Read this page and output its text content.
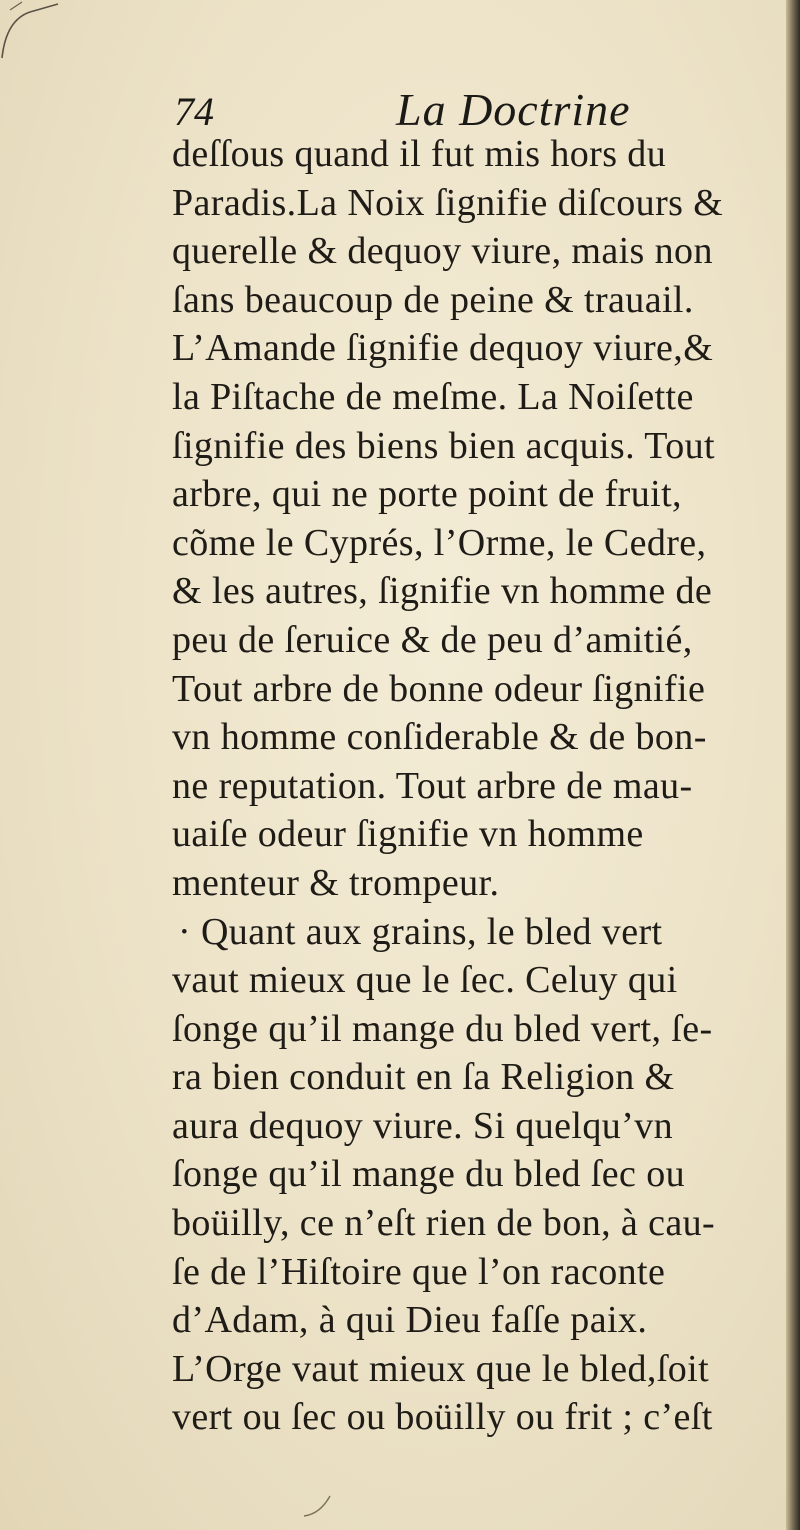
74	La Doctrine
deſſous quand il fut mis hors du
Paradis.La Noix ſignifie diſcours &
querelle & dequoy viure, mais non
ſans beaucoup de peine & trauail.
L’Amande ſignifie dequoy viure,&
la Piſtache de meſme. La Noiſette
ſignifie des biens bien acquis. Tout
arbre, qui ne porte point de fruit,
cõme le Cyprés, l’Orme, le Cedre,
& les autres, ſignifie vn homme de
peu de ſeruice & de peu d’amitié,
Tout arbre de bonne odeur ſignifie
vn homme conſiderable & de bon-
ne reputation. Tout arbre de mau-
uaiſe odeur ſignifie vn homme
menteur & trompeur.
· Quant aux grains, le bled vert
vaut mieux que le ſec. Celuy qui
ſonge qu’il mange du bled vert, ſe-
ra bien conduit en ſa Religion &
aura dequoy viure. Si quelqu’vn
ſonge qu’il mange du bled ſec ou
boüilly, ce n’eſt rien de bon, à cau-
ſe de l’Hiſtoire que l’on raconte
d’Adam, à qui Dieu faſſe paix.
L’Orge vaut mieux que le bled,ſoit
vert ou ſec ou boüilly ou frit ; c’eſt
